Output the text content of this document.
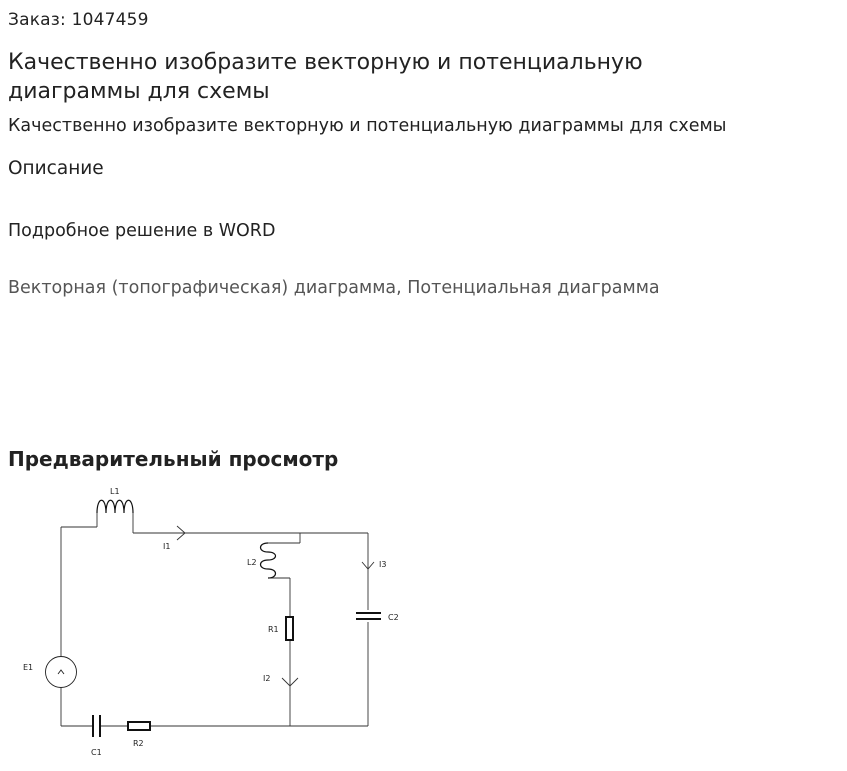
Заказ: 1047459
Качественно изобразите векторную и потенциальную диаграммы для схемы

Качественно изобразите векторную и потенциальную диаграммы для схемы

Описание

Подробное решение в WORD

Векторная (топографическая) диаграмма, Потенциальная диаграмма

Предварительный просмотр
L1
I1
L2
R1
I2
I3
C2
E1
C1
R2
